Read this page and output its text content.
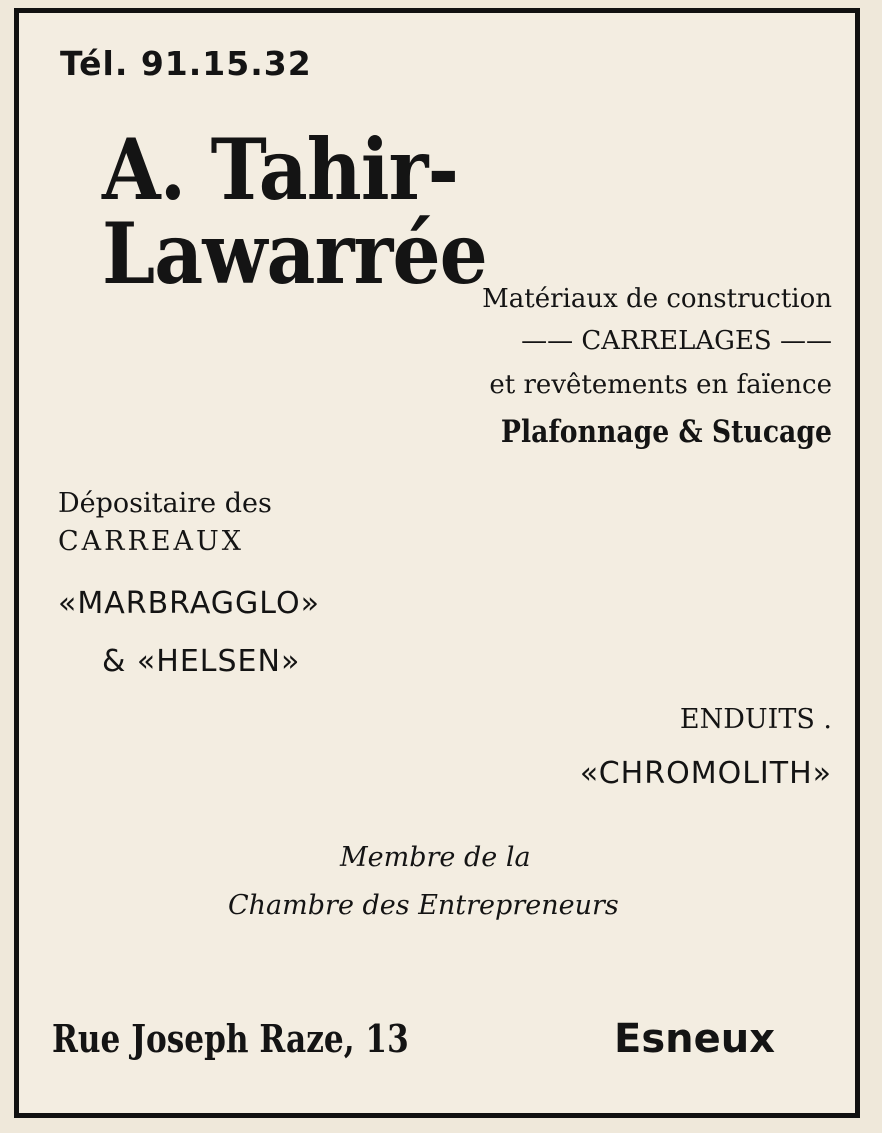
Tél. 91.15.32
A. Tahir-Lawarrée
Matériaux de construction
—— CARRELAGES ——
et revêtements en faïence
Plafonnage & Stucage
Dépositaire des
CARREAUX
«MARBRAGGLO»
& «HELSEN»
ENDUITS .
«CHROMOLITH»
Membre de la
Chambre des Entrepreneurs
Rue Joseph Raze, 13	Esneux
